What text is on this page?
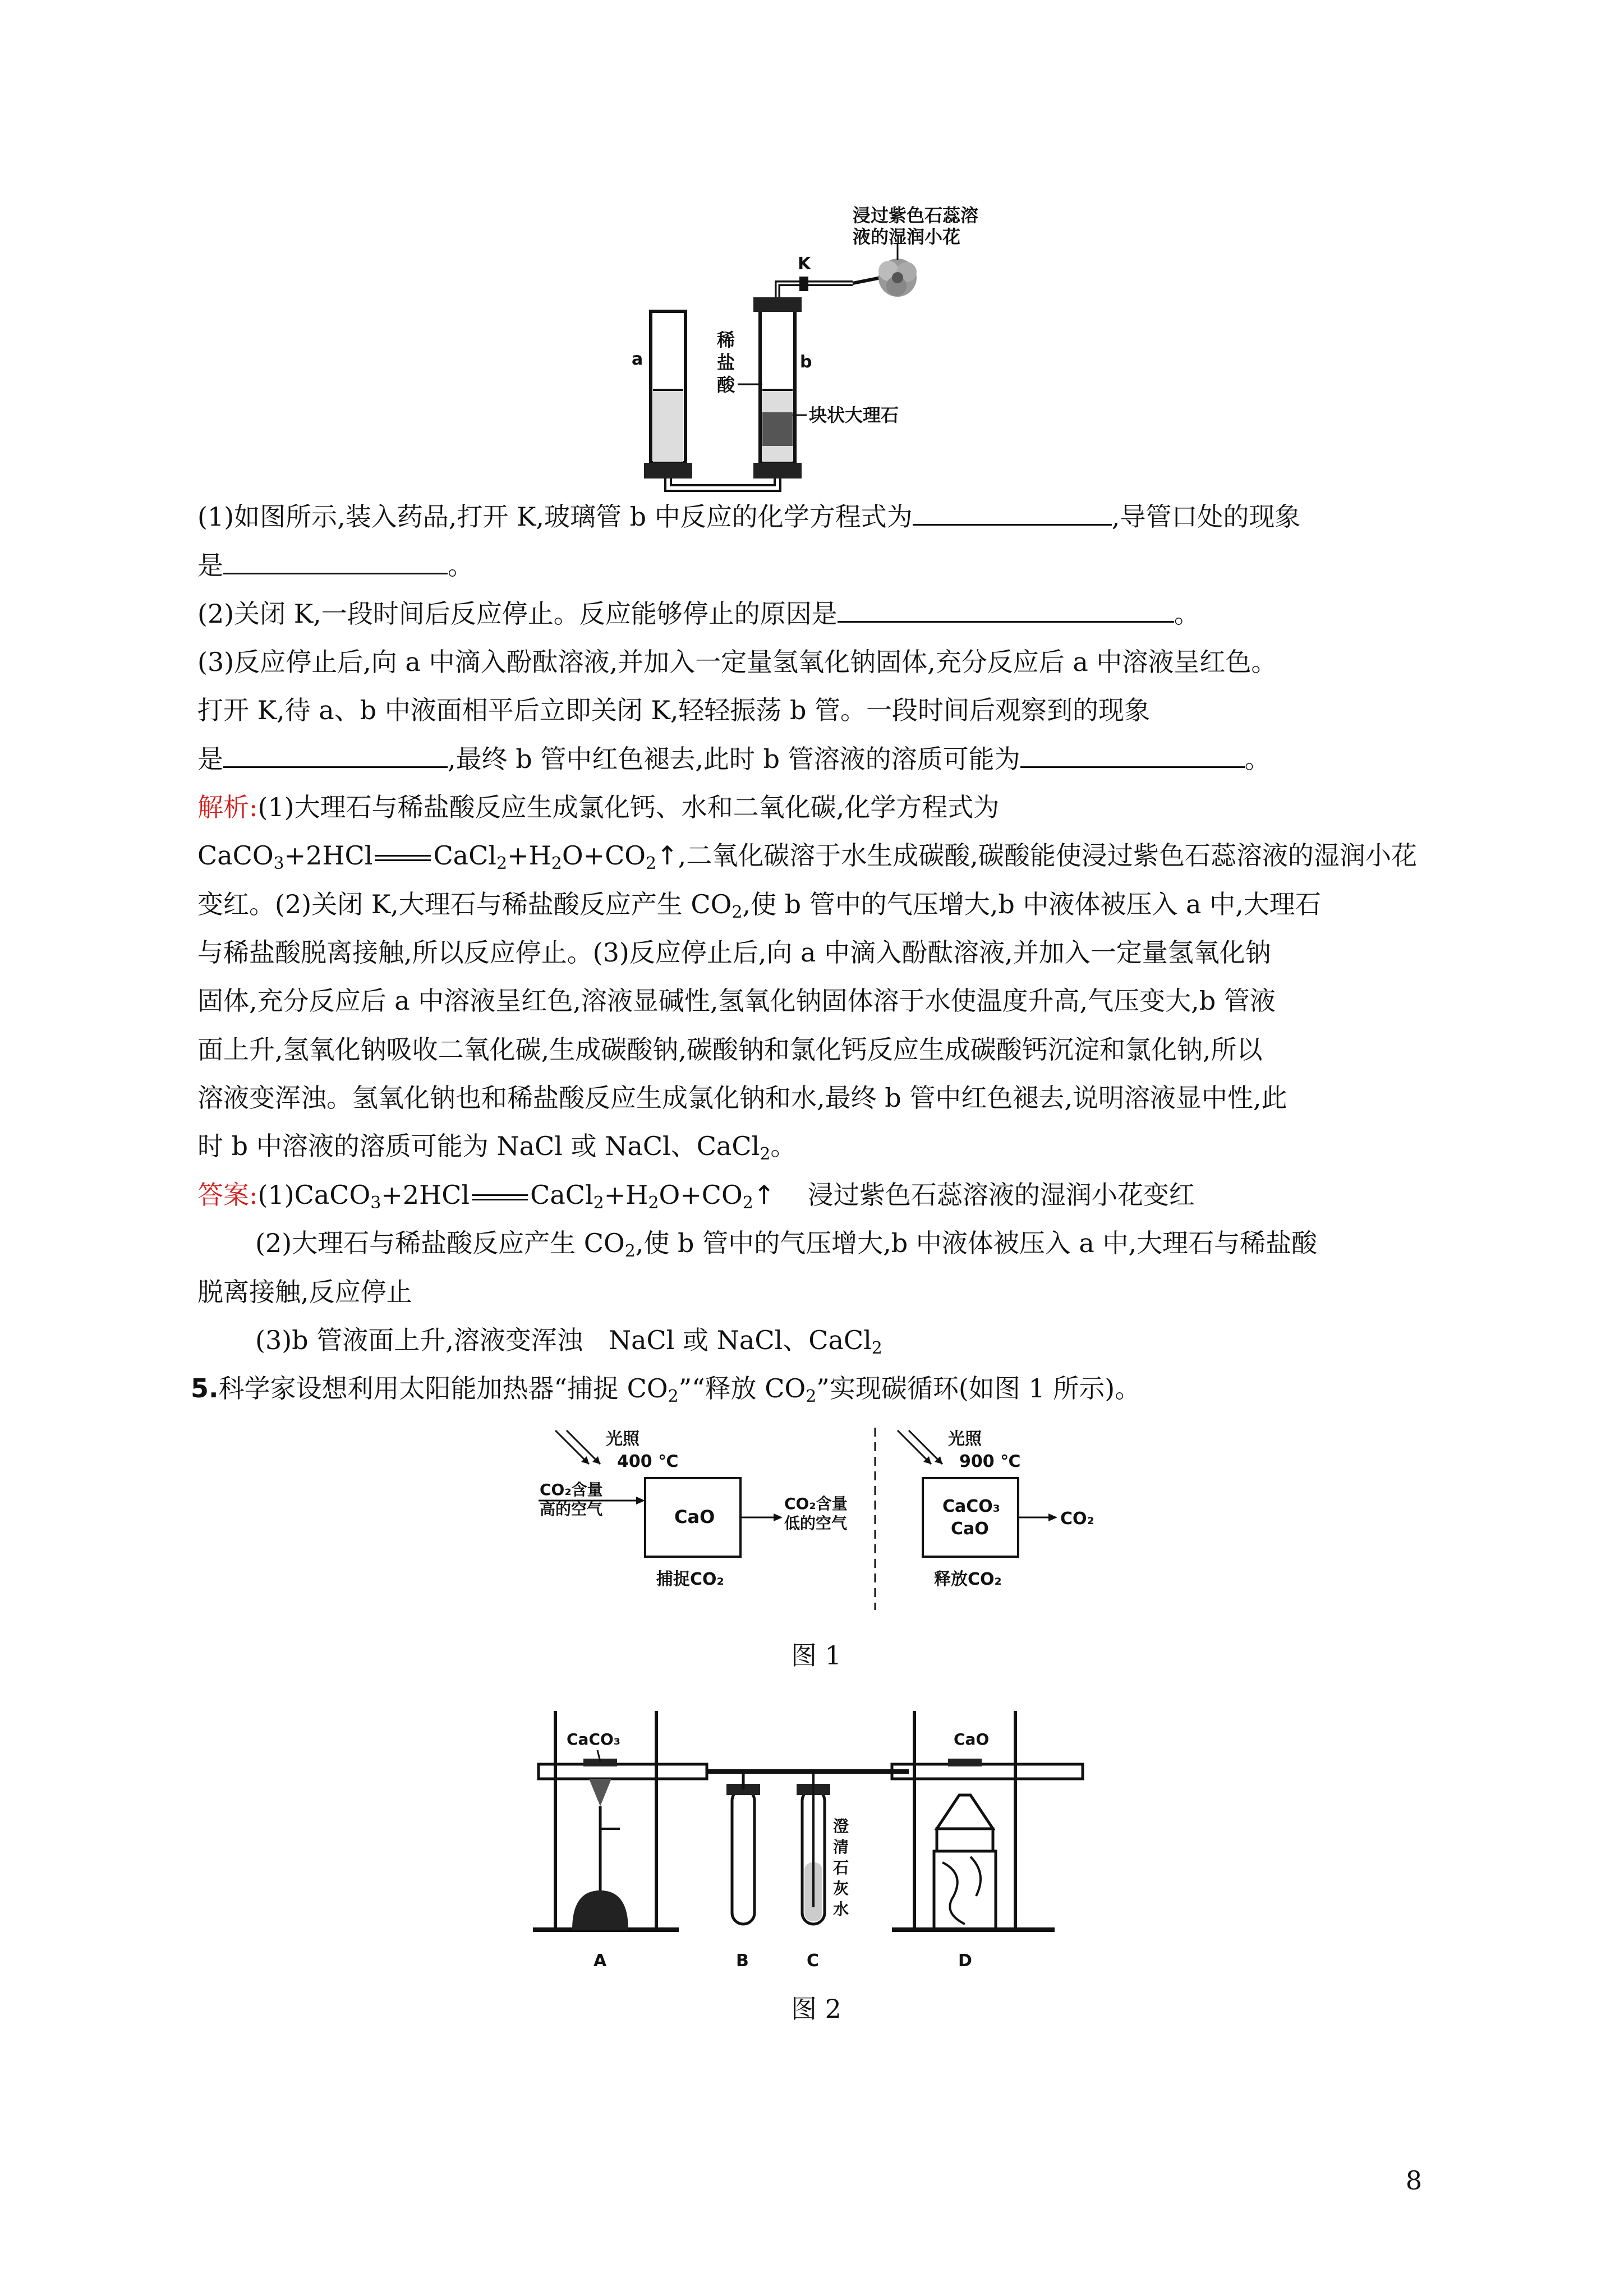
浸过紫色石蕊溶
液的湿润小花
K
a	b
稀
盐
酸
块状大理石
(1)如图所示,装入药品,打开 K,玻璃管 b 中反应的化学方程式为	,导管口处的现象
是	。
(2)关闭 K,一段时间后反应停止。反应能够停止的原因是	。
(3)反应停止后,向 a 中滴入酚酞溶液,并加入一定量氢氧化钠固体,充分反应后 a 中溶液呈红色。
打开 K,待 a、b 中液面相平后立即关闭 K,轻轻振荡 b 管。一段时间后观察到的现象
是	,最终 b 管中红色褪去,此时 b 管溶液的溶质可能为	。
解析:(1)大理石与稀盐酸反应生成氯化钙、水和二氧化碳,化学方程式为
CaCO$_3$+2HCl $CaCl_2+H_2O+CO_2↑$,二氧化碳溶于水生成碳酸,碳酸能使浸过紫色石蕊溶液的湿润小花
变红。(2)关闭 K,大理石与稀盐酸反应产生 $CO_2$,使 b 管中的气压增大,b 中液体被压入 a 中,大理石
与稀盐酸脱离接触,所以反应停止。(3)反应停止后,向 a 中滴入酚酞溶液,并加入一定量氢氧化钠
固体,充分反应后 a 中溶液呈红色,溶液显碱性,氢氧化钠固体溶于水使温度升高,气压变大,b 管液
面上升,氢氧化钠吸收二氧化碳,生成碳酸钠,碳酸钠和氯化钙反应生成碳酸钙沉淀和氯化钠,所以
溶液变浑浊。氢氧化钠也和稀盐酸反应生成氯化钠和水,最终 b 管中红色褪去,说明溶液显中性,此
时 b 中溶液的溶质可能为 NaCl 或 NaCl、CaCl$_2$。
答案:(1)CaCO$_3$+2HCl $CaCl_2+H_2O+CO_2↑$ 浸过紫色石蕊溶液的湿润小花变红
(2)大理石与稀盐酸反应产生 $CO_2$,使 b 管中的气压增大,b 中液体被压入 a 中,大理石与稀盐酸
脱离接触,反应停止
(3)b 管液面上升,溶液变浑浊　NaCl 或 NaCl、CaCl$_2$
5.科学家设想利用太阳能加热器“捕捉 $CO_2”“$释放 $CO_2$”实现碳循环(如图 1 所示)。
光照
400 ℃
CO₂含量
高的空气	CaO
CO₂含量
低的空气
捕捉CO₂
光照
900 ℃
CaCO₃
CaO
CO₂
释放CO₂
图 1
CaCO₃
澄
清
石
灰
水
CaO
A	B	C	D
图 2
8
